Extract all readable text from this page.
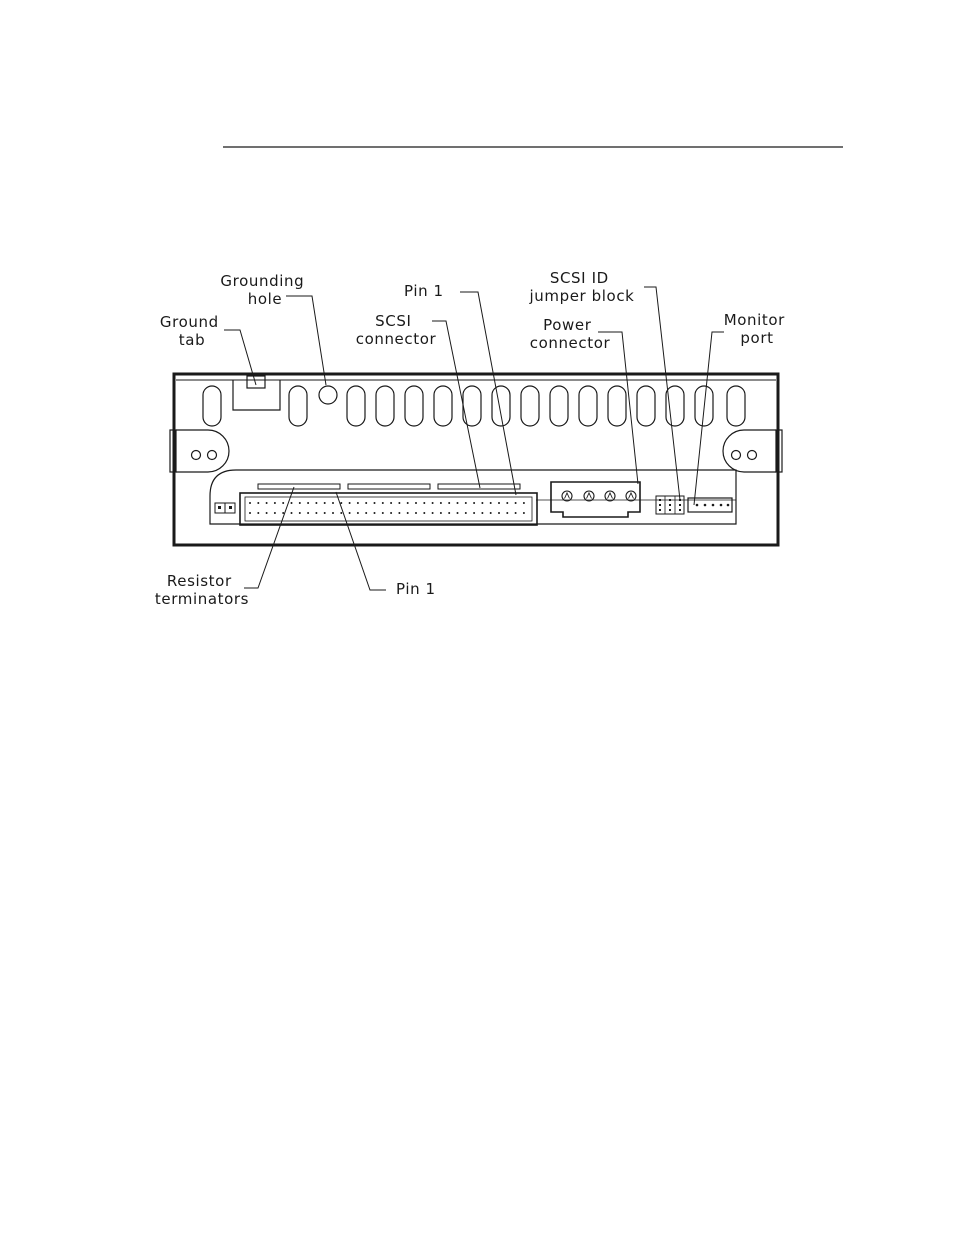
Ground tab
Grounding hole	Pin 1
SCSI connector
SCSI ID jumper block
Power connector
Monitor port
Resistor terminators
Pin 1
